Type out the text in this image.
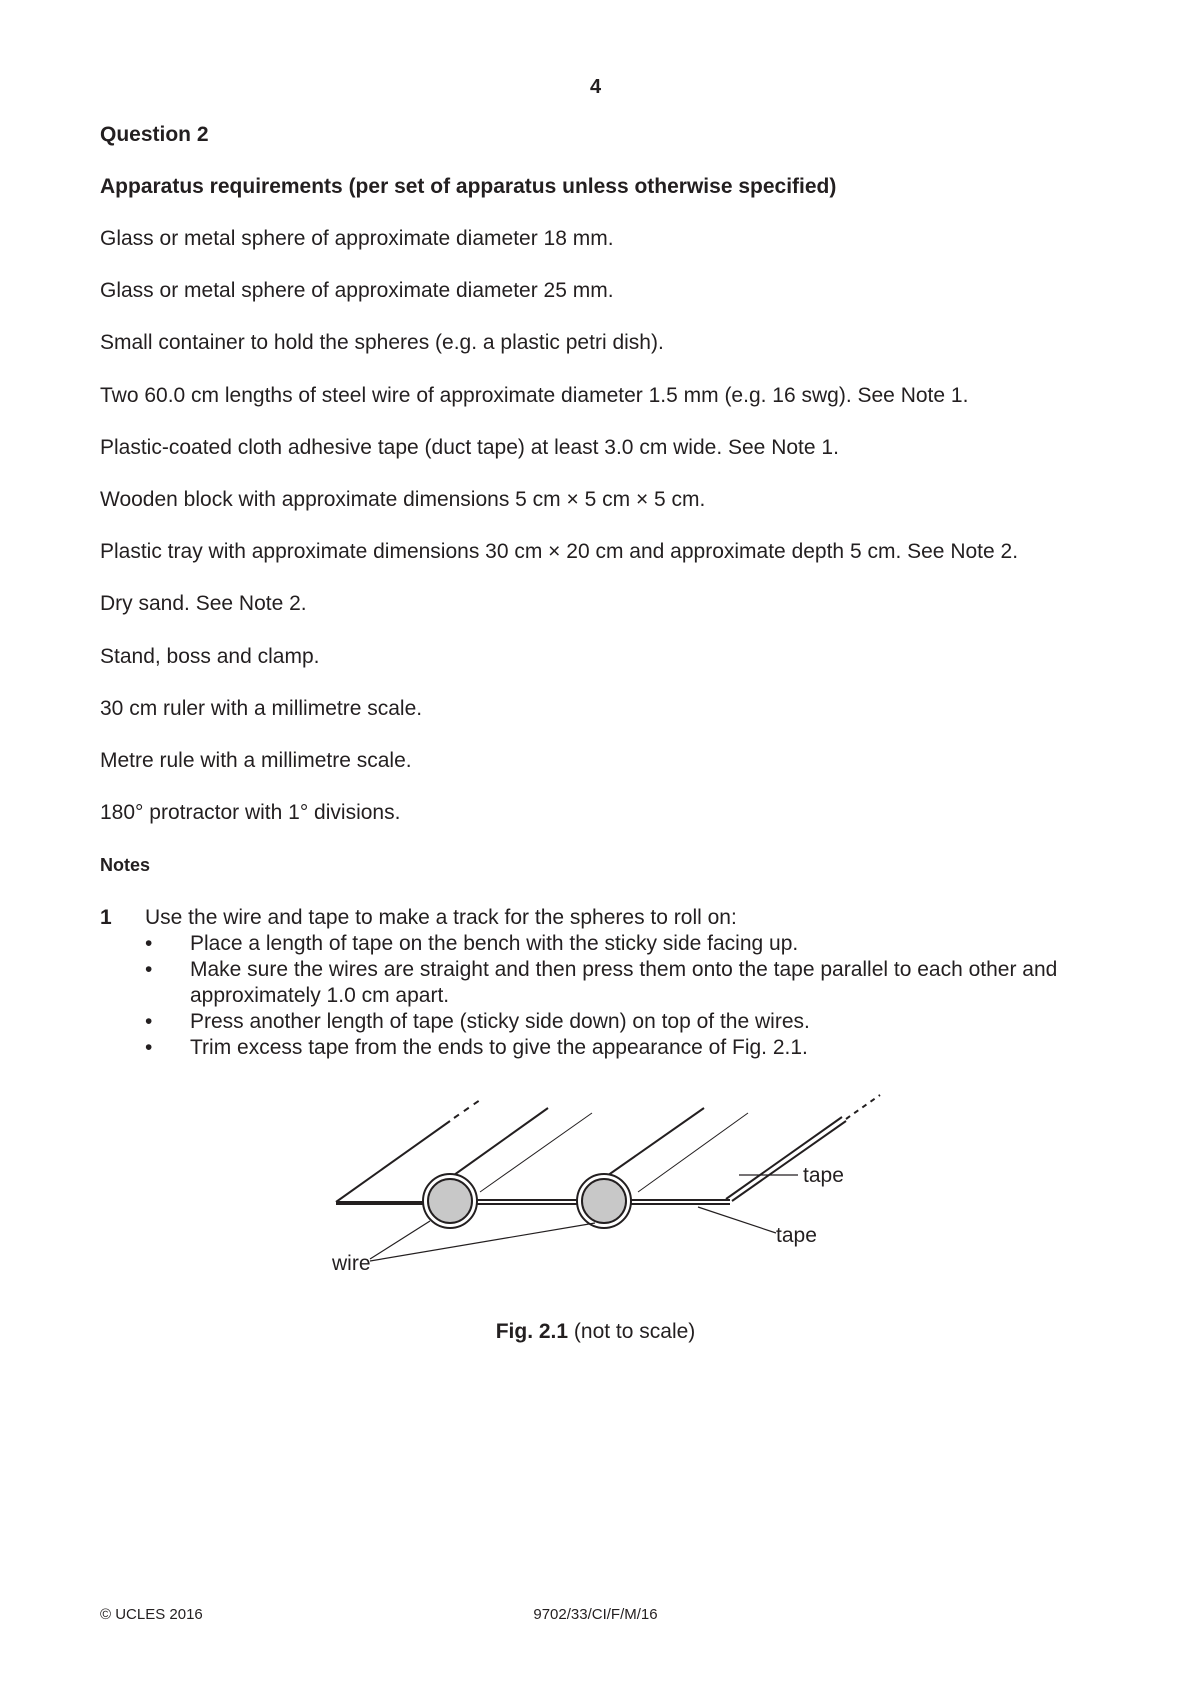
4

Question 2

Apparatus requirements (per set of apparatus unless otherwise specified)

Glass or metal sphere of approximate diameter 18 mm.

Glass or metal sphere of approximate diameter 25 mm.

Small container to hold the spheres (e.g. a plastic petri dish).

Two 60.0 cm lengths of steel wire of approximate diameter 1.5 mm (e.g. 16 swg). See Note 1.

Plastic-coated cloth adhesive tape (duct tape) at least 3.0 cm wide. See Note 1.

Wooden block with approximate dimensions 5 cm × 5 cm × 5 cm.

Plastic tray with approximate dimensions 30 cm × 20 cm and approximate depth 5 cm. See Note 2.

Dry sand. See Note 2.

Stand, boss and clamp.

30 cm ruler with a millimetre scale.

Metre rule with a millimetre scale.

180° protractor with 1° divisions.

Notes

1	Use the wire and tape to make a track for the spheres to roll on:
•	Place a length of tape on the bench with the sticky side facing up.
•	Make sure the wires are straight and then press them onto the tape parallel to each other and approximately 1.0 cm apart.
•	Press another length of tape (sticky side down) on top of the wires.
•	Trim excess tape from the ends to give the appearance of Fig. 2.1.
tape
tape
wire
Fig. 2.1 (not to scale)
© UCLES 2016	9702/33/CI/F/M/16
